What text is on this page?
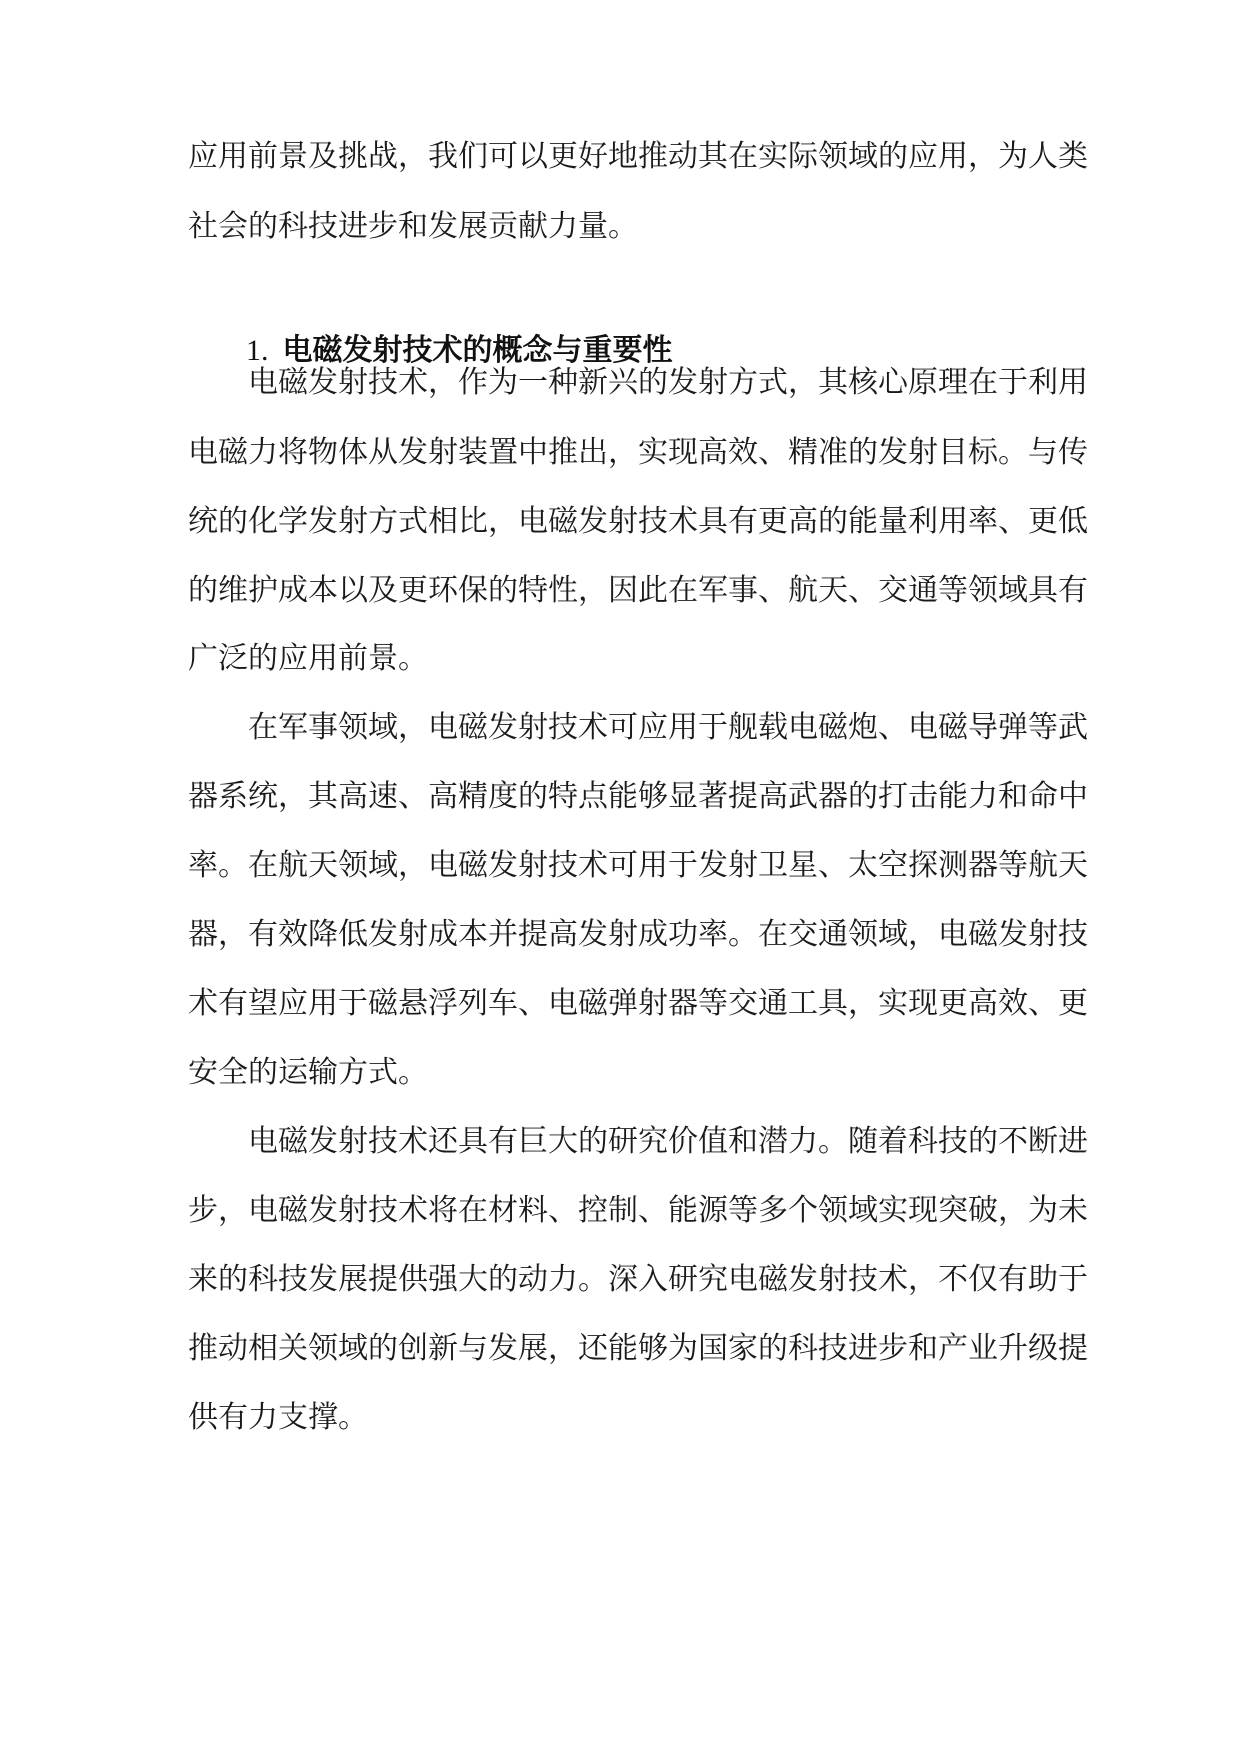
应用前景及挑战，我们可以更好地推动其在实际领域的应用，为人类

社会的科技进步和发展贡献力量。

1. 电磁发射技术的概念与重要性

电磁发射技术，作为一种新兴的发射方式，其核心原理在于利用

电磁力将物体从发射装置中推出，实现高效、精准的发射目标。与传

统的化学发射方式相比，电磁发射技术具有更高的能量利用率、更低

的维护成本以及更环保的特性，因此在军事、航天、交通等领域具有

广泛的应用前景。

在军事领域，电磁发射技术可应用于舰载电磁炮、电磁导弹等武

器系统，其高速、高精度的特点能够显著提高武器的打击能力和命中

率。在航天领域，电磁发射技术可用于发射卫星、太空探测器等航天

器，有效降低发射成本并提高发射成功率。在交通领域，电磁发射技

术有望应用于磁悬浮列车、电磁弹射器等交通工具，实现更高效、更

安全的运输方式。

电磁发射技术还具有巨大的研究价值和潜力。随着科技的不断进

步，电磁发射技术将在材料、控制、能源等多个领域实现突破，为未

来的科技发展提供强大的动力。深入研究电磁发射技术，不仅有助于

推动相关领域的创新与发展，还能够为国家的科技进步和产业升级提

供有力支撑。
